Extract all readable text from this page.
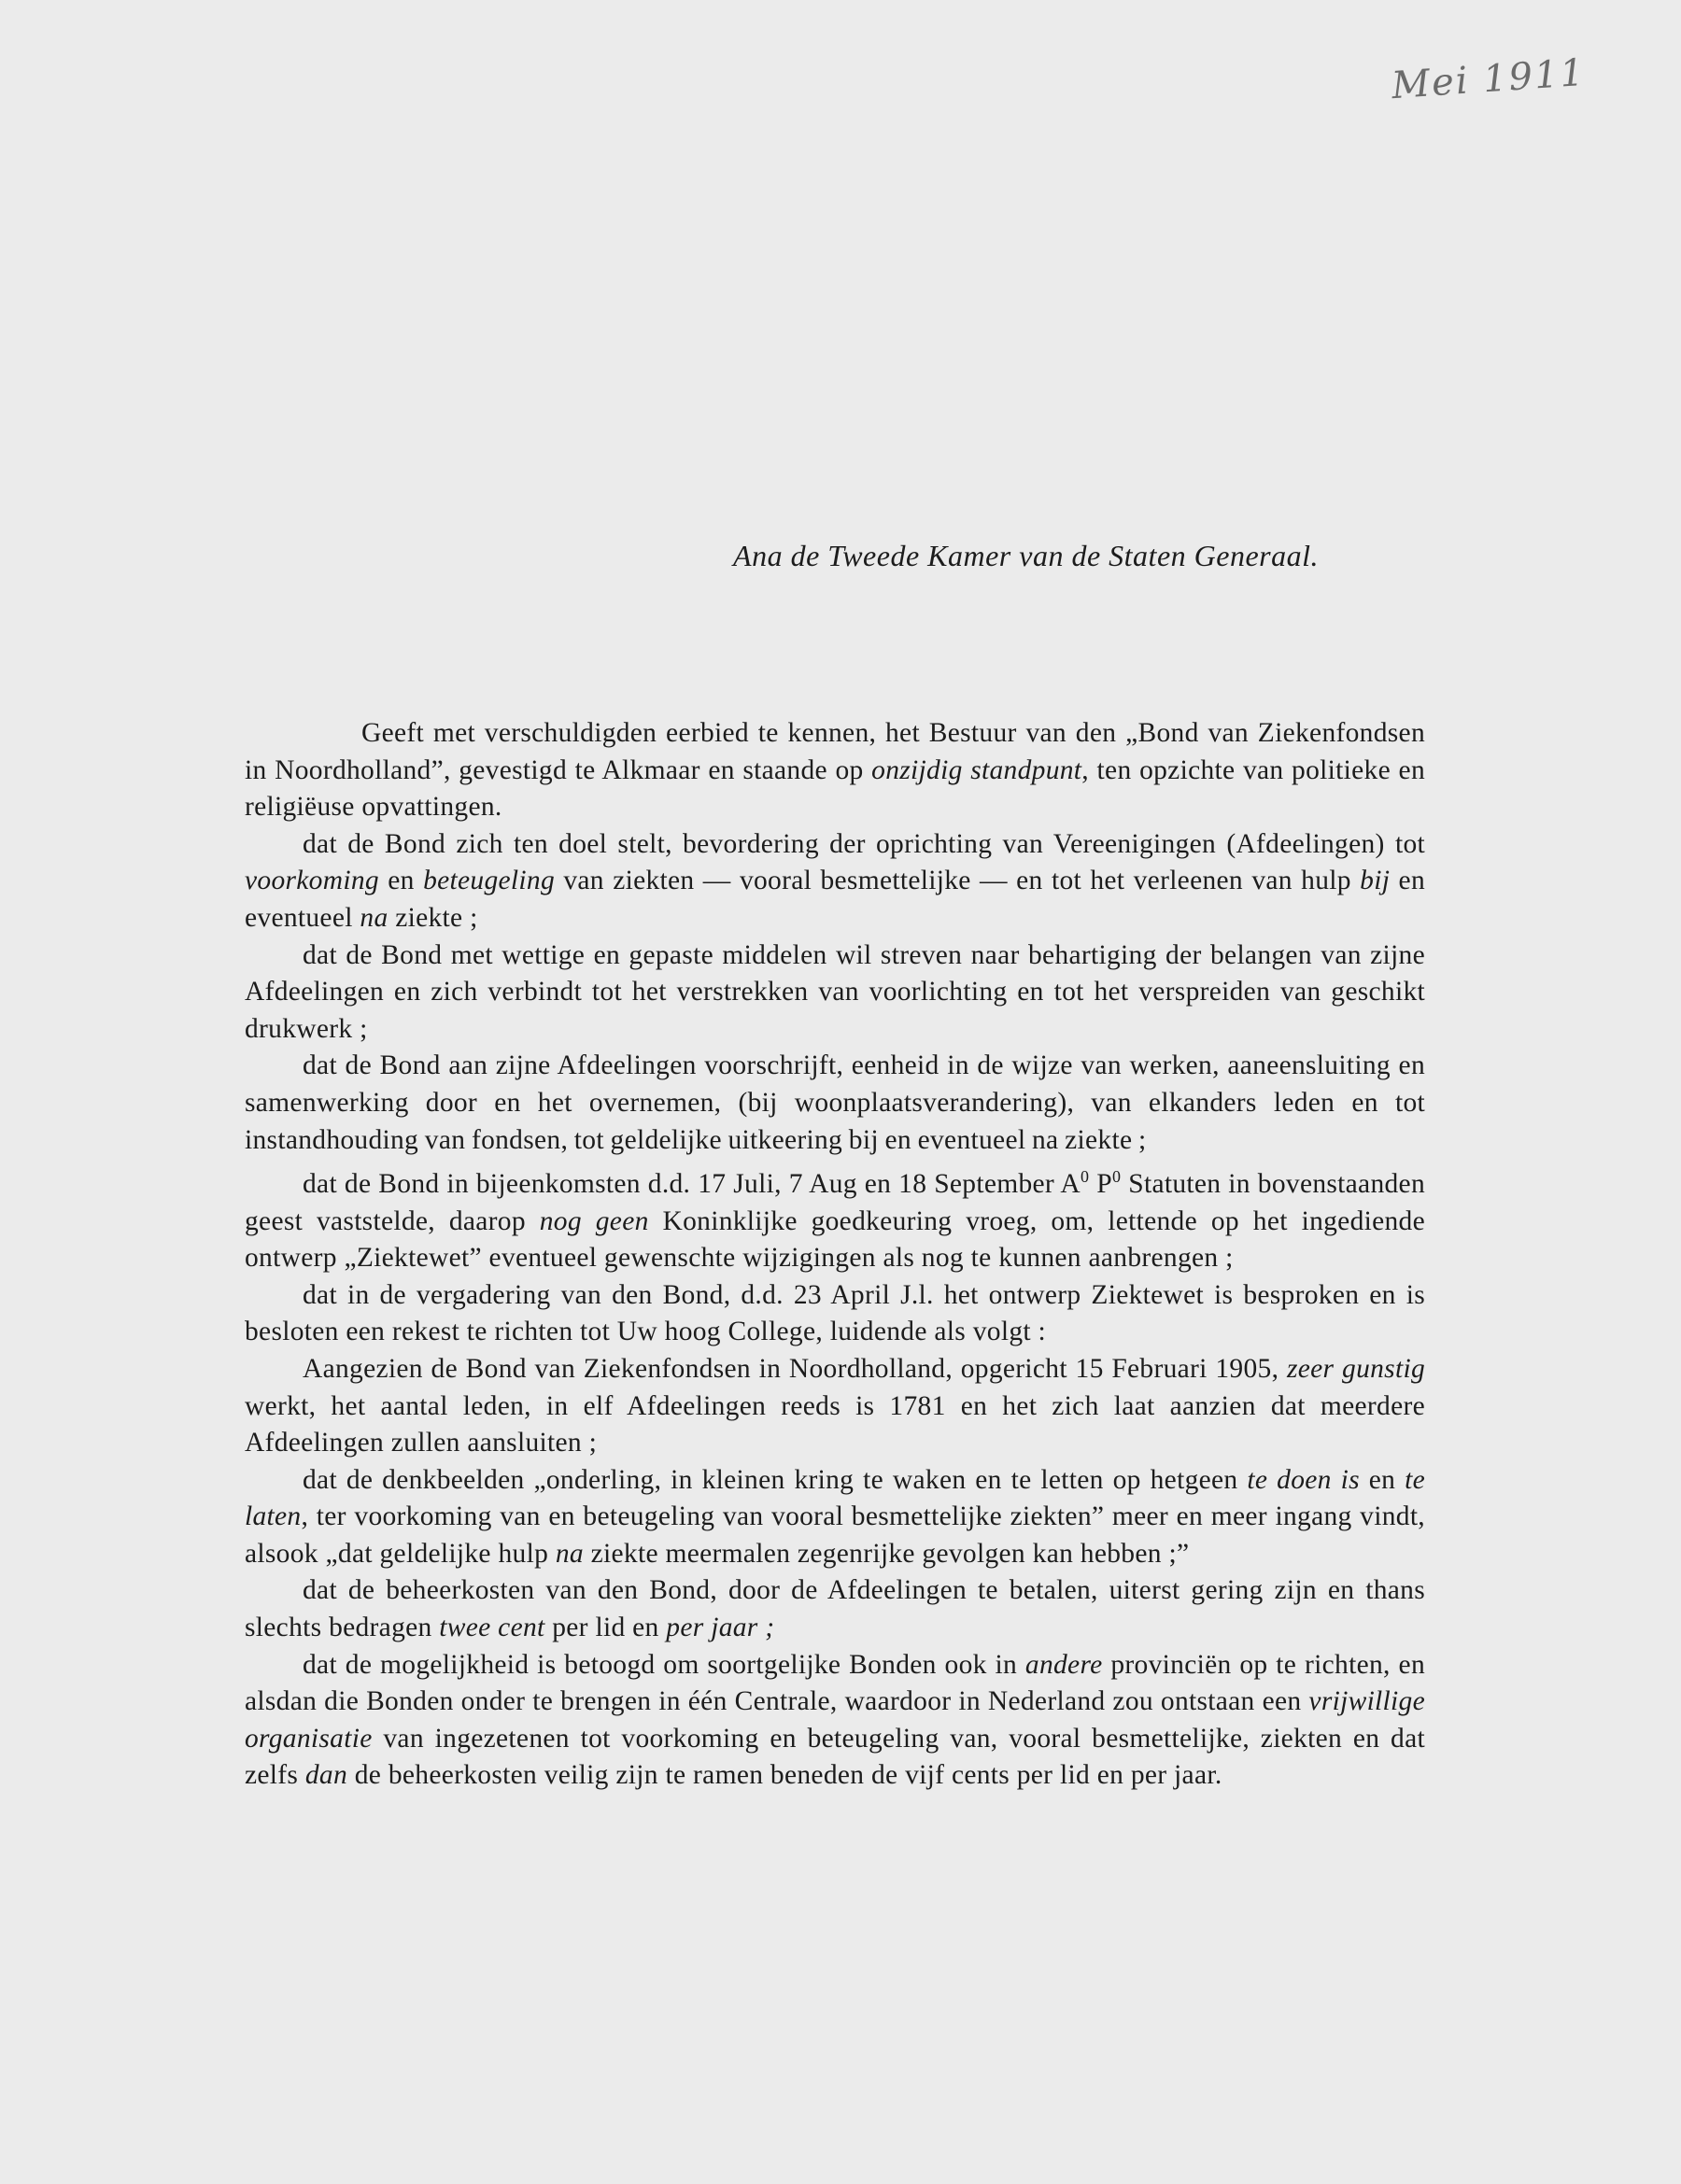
Mei 1911
Ana de Tweede Kamer van de Staten Generaal.

Geeft met verschuldigden eerbied te kennen, het Bestuur van den „Bond van Ziekenfondsen in Noordholland”, gevestigd te Alkmaar en staande op onzijdig standpunt, ten opzichte van politieke en religiëuse opvattingen.

dat de Bond zich ten doel stelt, bevordering der oprichting van Vereenigingen (Afdeelingen) tot voorkoming en beteugeling van ziekten — vooral besmettelijke — en tot het verleenen van hulp bij en eventueel na ziekte ;

dat de Bond met wettige en gepaste middelen wil streven naar behartiging der belangen van zijne Afdeelingen en zich verbindt tot het verstrekken van voorlichting en tot het verspreiden van geschikt drukwerk ;

dat de Bond aan zijne Afdeelingen voorschrijft, eenheid in de wijze van werken, aaneensluiting en samenwerking door en het overnemen, (bij woonplaatsverandering), van elkanders leden en tot instandhouding van fondsen, tot geldelijke uitkeering bij en eventueel na ziekte ;

dat de Bond in bijeenkomsten d.d. 17 Juli, 7 Aug en 18 September $A^0$ $P^0$ Statuten in bovenstaanden geest vaststelde, daarop nog geen Koninklijke goedkeuring vroeg, om, lettende op het ingediende ontwerp „Ziektewet” eventueel gewenschte wijzigingen als nog te kunnen aanbrengen ;

dat in de vergadering van den Bond, d.d. 23 April J.l. het ontwerp Ziektewet is besproken en is besloten een rekest te richten tot Uw hoog College, luidende als volgt :

Aangezien de Bond van Ziekenfondsen in Noordholland, opgericht 15 Februari 1905, zeer gunstig werkt, het aantal leden, in elf Afdeelingen reeds is 1781 en het zich laat aanzien dat meerdere Afdeelingen zullen aansluiten ;

dat de denkbeelden „onderling, in kleinen kring te waken en te letten op hetgeen te doen is en te laten, ter voorkoming van en beteugeling van vooral besmettelijke ziekten” meer en meer ingang vindt, alsook „dat geldelijke hulp na ziekte meermalen zegenrijke gevolgen kan hebben ;”

dat de beheerkosten van den Bond, door de Afdeelingen te betalen, uiterst gering zijn en thans slechts bedragen twee cent per lid en per jaar ;

dat de mogelijkheid is betoogd om soortgelijke Bonden ook in andere provinciën op te richten, en alsdan die Bonden onder te brengen in één Centrale, waardoor in Nederland zou ontstaan een vrijwillige organisatie van ingezetenen tot voorkoming en beteugeling van, vooral besmettelijke, ziekten en dat zelfs dan de beheerkosten veilig zijn te ramen beneden de vijf cents per lid en per jaar.
